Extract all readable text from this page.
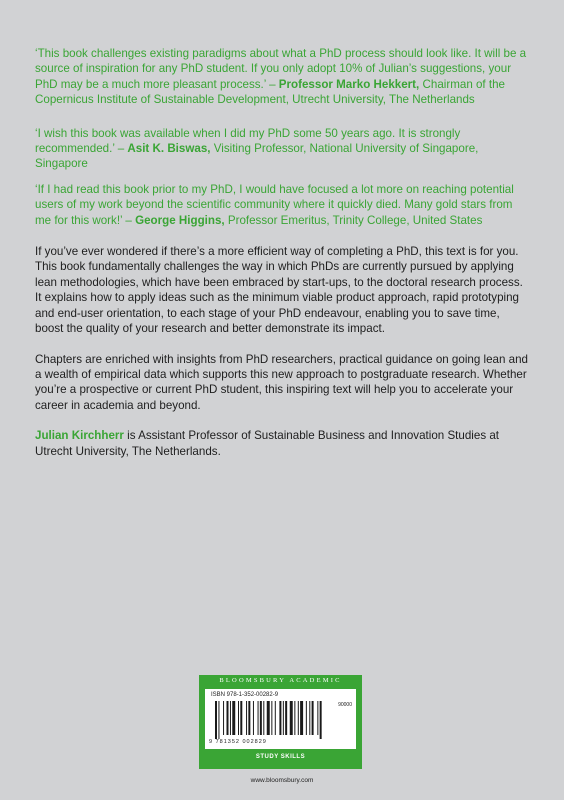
‘This book challenges existing paradigms about what a PhD process should look like. It will be a source of inspiration for any PhD student. If you only adopt 10% of Julian’s suggestions, your PhD may be a much more pleasant process.’ – Professor Marko Hekkert, Chairman of the Copernicus Institute of Sustainable Development, Utrecht University, The Netherlands

‘I wish this book was available when I did my PhD some 50 years ago. It is strongly recommended.’ – Asit K. Biswas, Visiting Professor, National University of Singapore, Singapore

‘If I had read this book prior to my PhD, I would have focused a lot more on reaching potential users of my work beyond the scientific community where it quickly died. Many gold stars from me for this work!’ – George Higgins, Professor Emeritus, Trinity College, United States

If you’ve ever wondered if there’s a more efficient way of completing a PhD, this text is for you. This book fundamentally challenges the way in which PhDs are currently pursued by applying lean methodologies, which have been embraced by start-ups, to the doctoral research process. It explains how to apply ideas such as the minimum viable product approach, rapid prototyping and end-user orientation, to each stage of your PhD endeavour, enabling you to save time, boost the quality of your research and better demonstrate its impact.

Chapters are enriched with insights from PhD researchers, practical guidance on going lean and a wealth of empirical data which supports this new approach to postgraduate research. Whether you’re a prospective or current PhD student, this inspiring text will help you to accelerate your career in academia and beyond.

Julian Kirchherr is Assistant Professor of Sustainable Business and Innovation Studies at Utrecht University, The Netherlands.

BLOOMSBURY ACADEMIC
ISBN 978-1-352-00282-9
90000
9 781352 002829
STUDY SKILLS
www.bloomsbury.com
